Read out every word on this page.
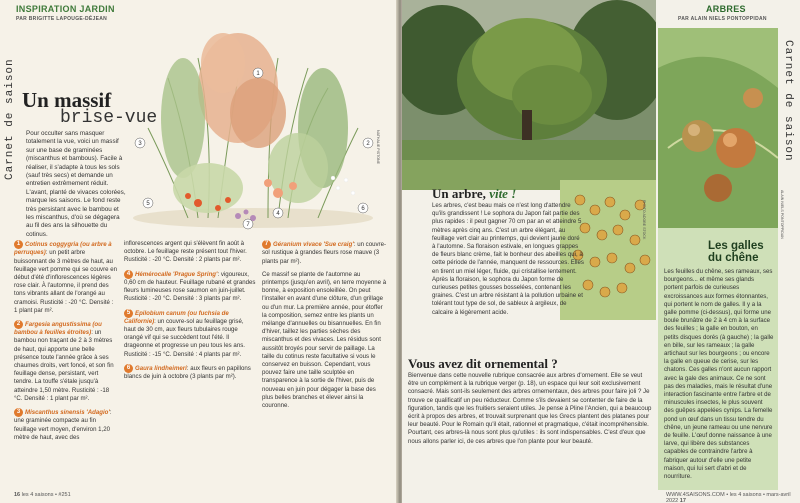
Carnet de saison
INSPIRATION JARDIN
PAR BRIGITTE LAPOUGE-DÉJEAN
Un massif
brise-vue
Pour occulter sans masquer totalement la vue, voici un massif sur une base de graminées (miscanthus et bambous). Facile à réaliser, il s'adapte à tous les sols (sauf très secs) et demande un entretien extrêmement réduit. L'avant, planté de vivaces colorées, marque les saisons. Le fond reste très persistant avec le bambou et les miscanthus, d'où se dégagera au fil des ans la silhouette du cotinus.
1
3	2
5
4
6
7
NATHALIE PISTONE

1 Cotinus coggygria (ou arbre à perruques): un petit arbre buissonnant de 3 mètres de haut, au feuillage vert pomme qui se couvre en début d'été d'inflorescences légères rose clair. À l'automne, il prend des tons vibrants allant de l'orangé au cramoisi. Rusticité : -20 °C. Densité : 1 plant par m².

2 Fargesia angustissima (ou bambou à feuilles étroites): un bambou non traçant de 2 à 3 mètres de haut, qui apporte une belle présence toute l'année grâce à ses chaumes droits, vert foncé, et son fin feuillage dense, persistant, vert tendre. La touffe s'étale jusqu'à atteindre 1,50 mètre. Rusticité : -18 °C. Densité : 1 plant par m².

3 Miscanthus sinensis 'Adagio': une graminée compacte au fin feuillage vert moyen, d'environ 1,20 mètre de haut, avec des

inflorescences argent qui s'élèvent fin août à octobre. Le feuillage reste présent tout l'hiver. Rusticité : -20 °C. Densité : 2 plants par m².

4 Hémérocalle 'Prague Spring': vigoureux, 0,60 cm de hauteur. Feuillage rubané et grandes fleurs lumineuses rose saumon en juin-juillet. Rusticité : -20 °C. Densité : 3 plants par m².

5 Epilobium canum (ou fuchsia de Californie): un couvre-sol au feuillage grisé, haut de 30 cm, aux fleurs tubulaires rouge orangé vif qui se succèdent tout l'été. Il drageonne et progresse un peu tous les ans. Rusticité : -15 °C. Densité : 4 plants par m².

6 Gaura lindheimeri: aux fleurs en papillons blancs de juin à octobre (3 plants par m²).

7 Géranium vivace 'Sue craig': un couvre-sol rustique à grandes fleurs rose mauve (3 plants par m²).

Ce massif se plante de l'automne au printemps (jusqu'en avril), en terre moyenne à bonne, à exposition ensoleillée. On peut l'installer en avant d'une clôture, d'un grillage ou d'un mur. La première année, pour étoffer la composition, semez entre les plants un mélange d'annuelles ou bisannuelles. En fin d'hiver, taillez les parties sèches des miscanthus et des vivaces. Les résidus sont aussitôt broyés pour servir de paillage. La taille du cotinus reste facultative si vous le conservez en buisson. Cependant, vous pouvez faire une taille sculptée en transparence à la sortie de l'hiver, puis de nouveau en juin pour dégager la base des plus belles branches et élever ainsi la couronne.

16 les 4 saisons • #251
ARBRES
PAR ALAIN NIELS PONTOPPIDAN
Carnet de saison
ALAIN NIELS PONTOPPIDAN
PHOTO ADOBE STOCK
Un arbre, vite !
Les arbres, c'est beau mais ce n'est long d'attendre qu'ils grandissent ! Le sophora du Japon fait partie des plus rapides : il peut gagner 70 cm par an et atteindre 5 mètres après cinq ans. C'est un arbre élégant, au feuillage vert clair au printemps, qui devient jaune doré à l'automne. Sa floraison estivale, en longues grappes de fleurs blanc crème, fait le bonheur des abeilles qui, à cette période de l'année, manquent de ressources. Elles en tirent un miel léger, fluide, qui cristallise lentement. Après la floraison, le sophora du Japon forme de curieuses petites gousses bosselées, contenant les graines. C'est un arbre résistant à la pollution urbaine et tolérant tout type de sol, de sableux à argileux, de calcaire à légèrement acide.
Vous avez dit ornemental ?
Bienvenue dans cette nouvelle rubrique consacrée aux arbres d'ornement. Elle se veut être un complément à la rubrique verger (p. 18), un espace qui leur soit exclusivement consacré. Mais sont-ils seulement des arbres ornementaux, des arbres pour faire joli ? Je trouve ce qualificatif un peu réducteur. Comme s'ils devaient se contenter de faire de la figuration, tandis que les fruitiers seraient utiles. Je pense à Pline l'Ancien, qui a beaucoup écrit à propos des arbres, et trouvait surprenant que les Grecs plantent des platanes pour leur beauté. Pour le Romain qu'il était, rationnel et pragmatique, c'était incompréhensible. Pourtant, ces arbres-là nous sont plus qu'utiles : ils sont indispensables. C'est d'eux que nous allons parler ici, de ces arbres que l'on plante pour leur beauté.
Les galles du chêne
Les feuilles du chêne, ses rameaux, ses bourgeons... et même ses glands portent parfois de curieuses excroissances aux formes étonnantes, qui portent le nom de galles. Il y a la galle pomme (ci-dessus), qui forme une boule brunâtre de 2 à 4 cm à la surface des feuilles ; la galle en bouton, en petits disques dorés (à gauche) ; la galle en bille, sur les rameaux ; la galle artichaut sur les bourgeons ; ou encore la galle en queue de cerise, sur les chatons. Ces galles n'ont aucun rapport avec la gale des animaux. Ce ne sont pas des maladies, mais le résultat d'une interaction fascinante entre l'arbre et de minuscules insectes, le plus souvent des guêpes appelées cynips. La femelle pond un œuf dans un tissu tendre du chêne, un jeune rameau ou une nervure de feuille. L'œuf donne naissance à une larve, qui libère des substances capables de contraindre l'arbre à fabriquer autour d'elle une petite maison, qui lui sert d'abri et de nourriture.
WWW.4SAISONS.COM • les 4 saisons • mars-avril 2022 17
